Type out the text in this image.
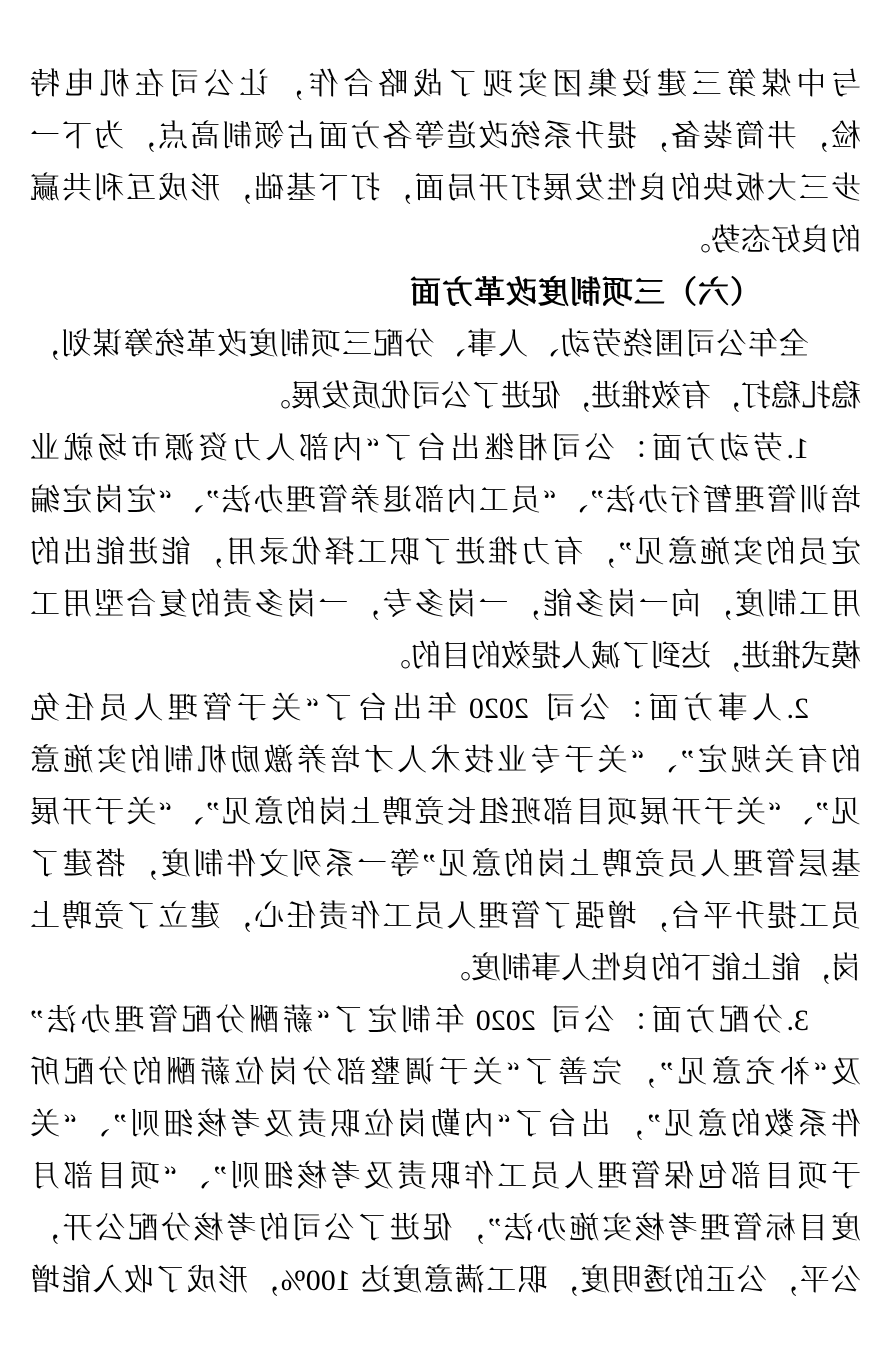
与中煤第三建设集团实现了战略合作，让公司在机电特
检，井筒装备，提升系统改造等各方面占领制高点，为下一
步三大板块的良性发展打开局面，打下基础，形成互利共赢
的良好态势。
（六）三项制度改革方面
全年公司围绕劳动、人事、分配三项制度改革统筹谋划，
稳扎稳打，有效推进，促进了公司优质发展。
1.劳动方面：公司相继出台了“内部人力资源市场就业
培训管理暂行办法”、“员工内部退养管理办法”、“定岗定编
定员的实施意见”，有力推进了职工择优录用，能进能出的
用工制度，向一岗多能，一岗多专，一岗多责的复合型用工
模式推进，达到了减人提效的目的。
2.人事方面：公司 2020 年出台了“关于管理人员任免
的有关规定”、“关于专业技术人才培养激励机制的实施意
见”、“关于开展项目部班组长竞聘上岗的意见”、“关于开展
基层管理人员竞聘上岗的意见”等一系列文件制度，搭建了
员工提升平台，增强了管理人员工作责任心，建立了竞聘上
岗，能上能下的良性人事制度。
3.分配方面：公司 2020 年制定了“薪酬分配管理办法”
及“补充意见”，完善了“关于调整部分岗位薪酬的分配所
件系数的意见”，出台了“内勤岗位职责及考核细则”、“关
于项目部包保管理人员工作职责及考核细则”、“项目部月
度目标管理考核实施办法”，促进了公司的考核分配公开，
公平，公正的透明度，职工满意度达 100%，形成了收入能增
